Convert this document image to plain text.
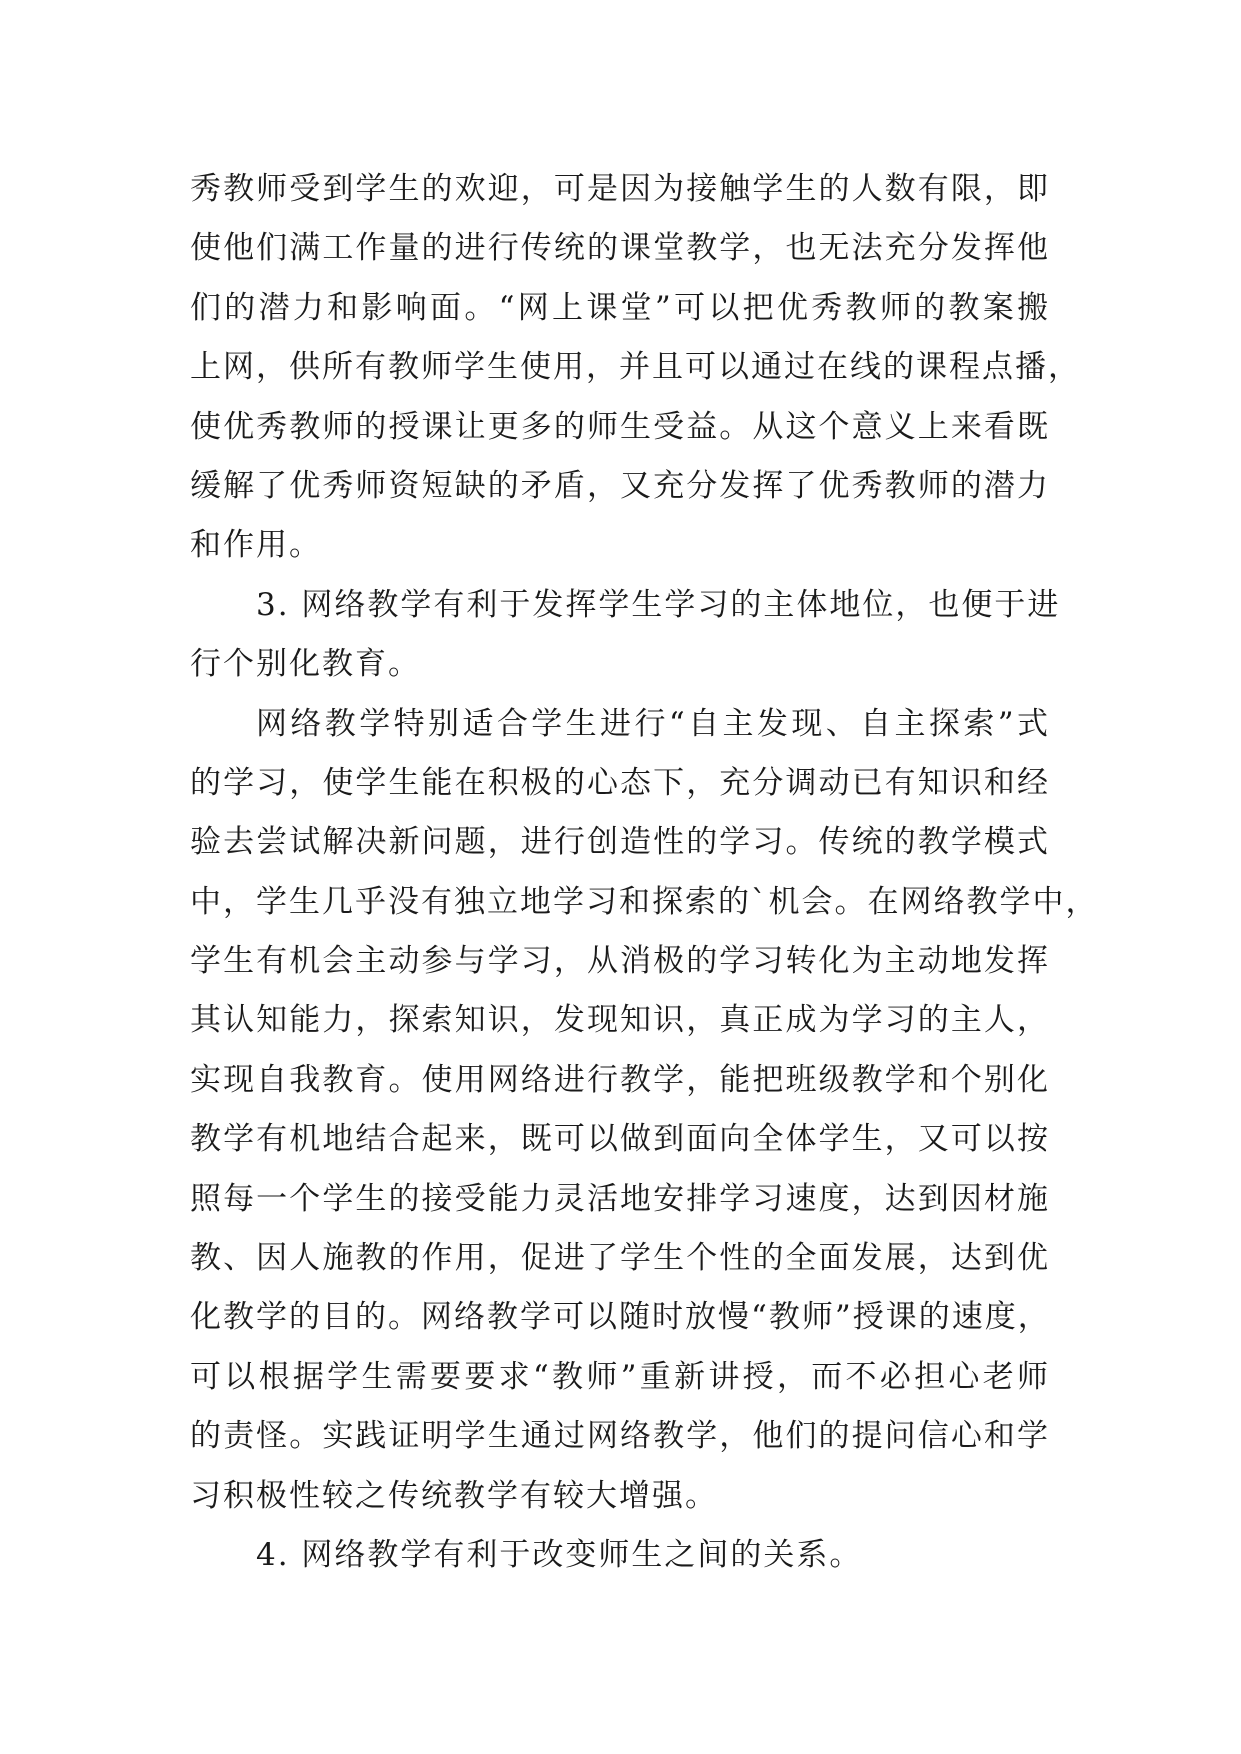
秀教师受到学生的欢迎，可是因为接触学生的人数有限，即
使他们满工作量的进行传统的课堂教学，也无法充分发挥他
们的潜力和影响面。“网上课堂”可以把优秀教师的教案搬
上网，供所有教师学生使用，并且可以通过在线的课程点播，
使优秀教师的授课让更多的师生受益。从这个意义上来看既
缓解了优秀师资短缺的矛盾，又充分发挥了优秀教师的潜力
和作用。
3. 网络教学有利于发挥学生学习的主体地位，也便于进
行个别化教育。
网络教学特别适合学生进行“自主发现、自主探索”式
的学习，使学生能在积极的心态下，充分调动已有知识和经
验去尝试解决新问题，进行创造性的学习。传统的教学模式
中，学生几乎没有独立地学习和探索的`机会。在网络教学中，
学生有机会主动参与学习，从消极的学习转化为主动地发挥
其认知能力，探索知识，发现知识，真正成为学习的主人，
实现自我教育。使用网络进行教学，能把班级教学和个别化
教学有机地结合起来，既可以做到面向全体学生，又可以按
照每一个学生的接受能力灵活地安排学习速度，达到因材施
教、因人施教的作用，促进了学生个性的全面发展，达到优
化教学的目的。网络教学可以随时放慢“教师”授课的速度，
可以根据学生需要要求“教师”重新讲授，而不必担心老师
的责怪。实践证明学生通过网络教学，他们的提问信心和学
习积极性较之传统教学有较大增强。
4. 网络教学有利于改变师生之间的关系。
